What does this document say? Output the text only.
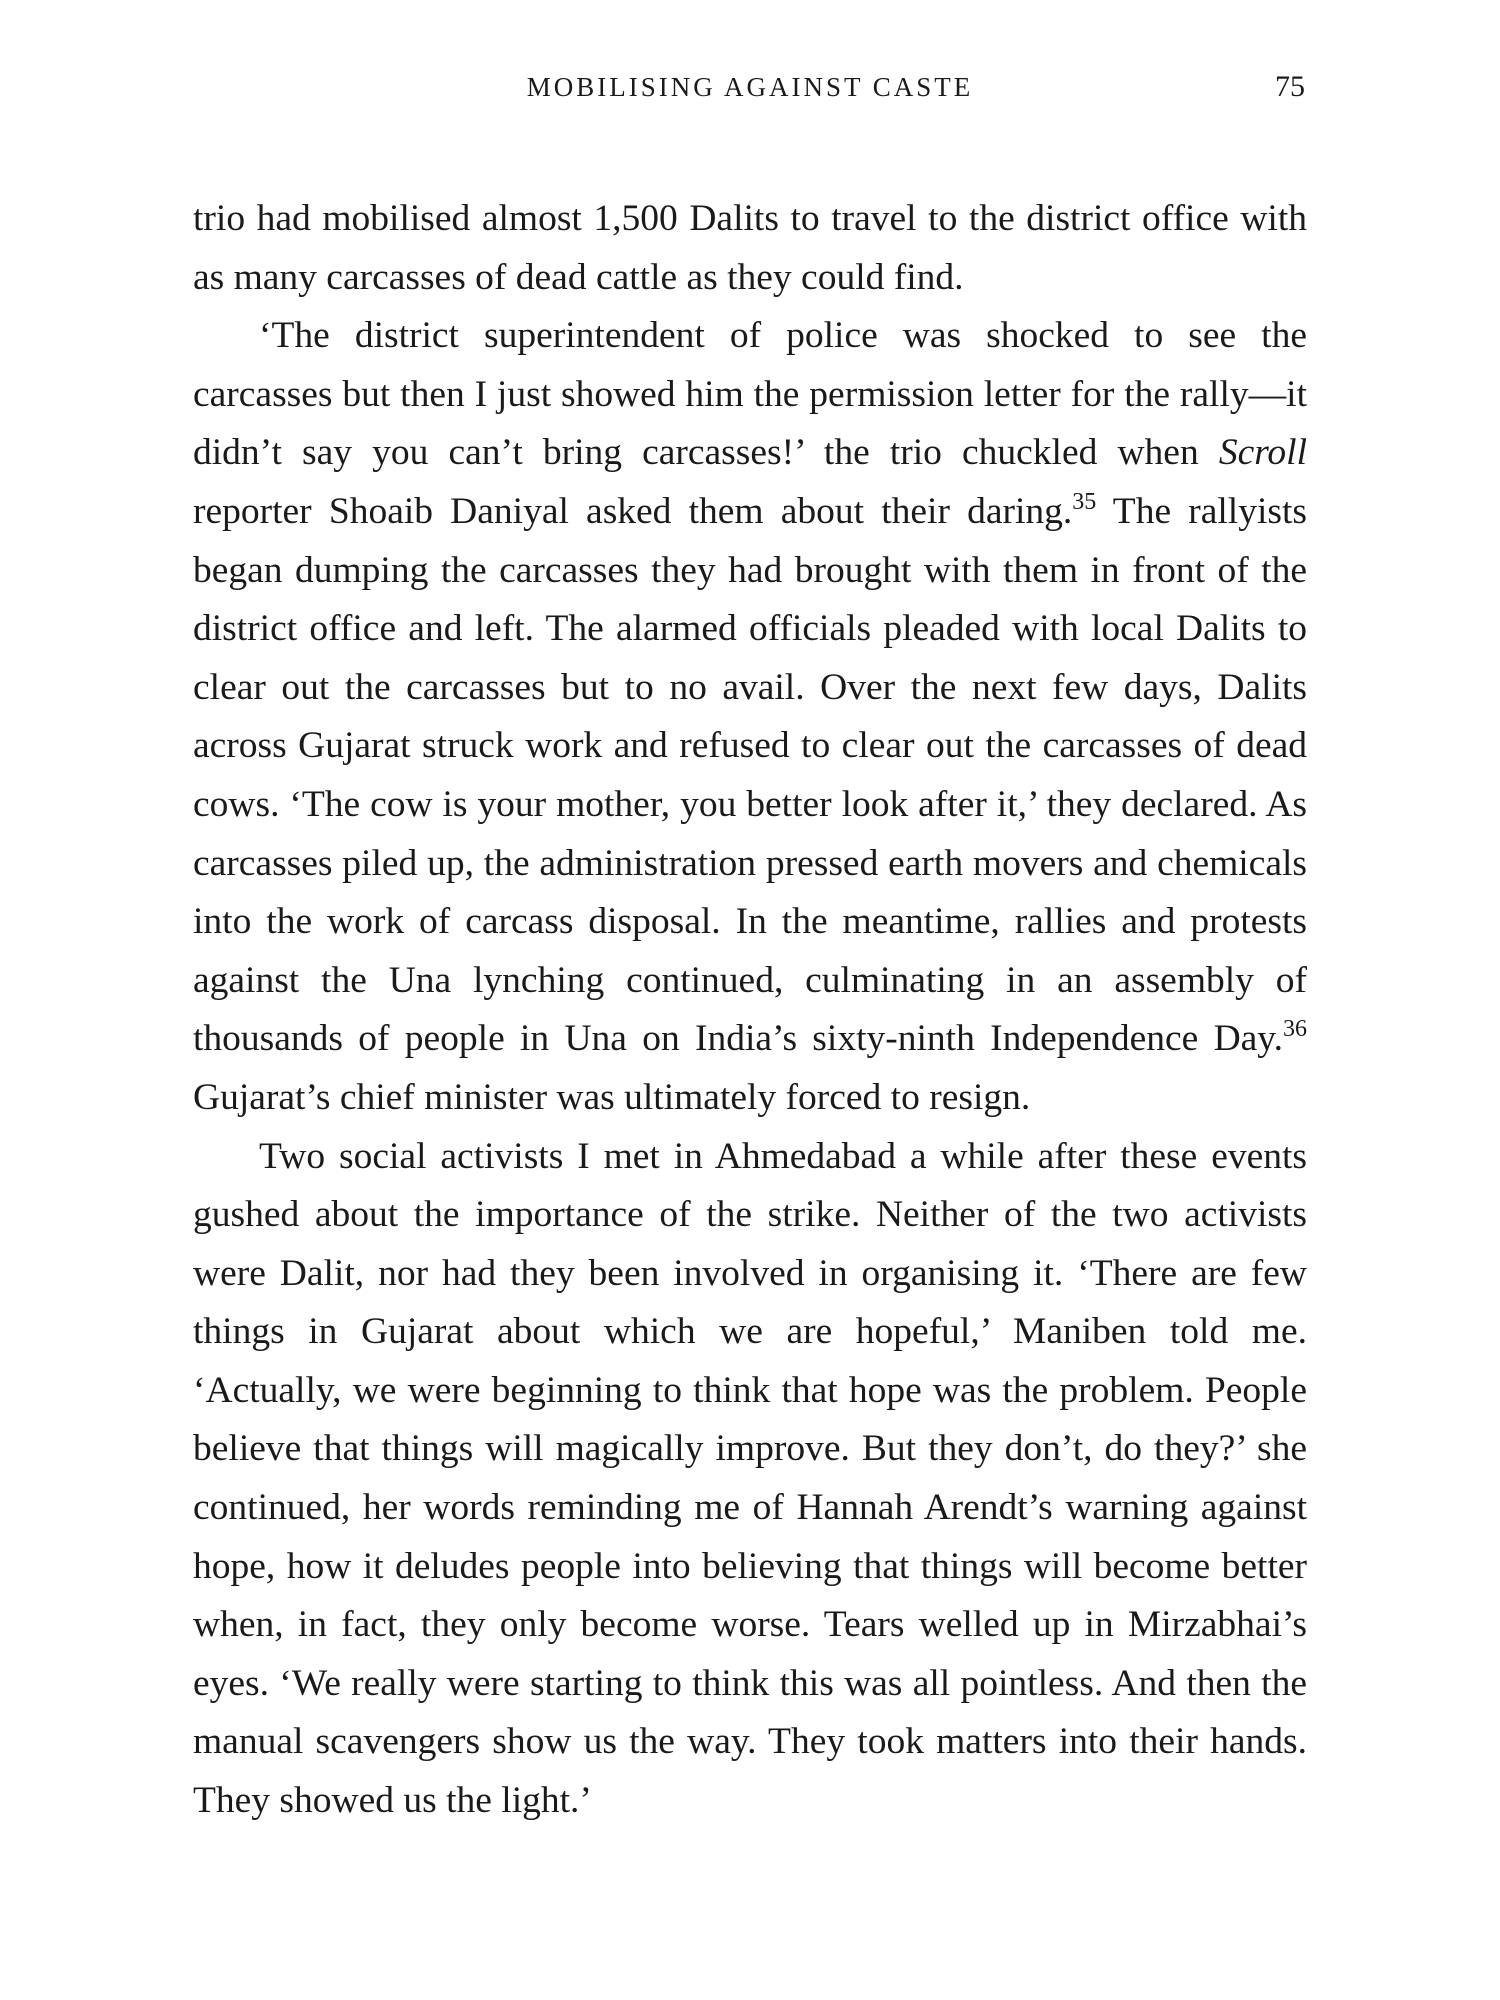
MOBILISING AGAINST CASTE	75

trio had mobilised almost 1,500 Dalits to travel to the district office with as many carcasses of dead cattle as they could find.

‘The district superintendent of police was shocked to see the carcasses but then I just showed him the permission letter for the rally—it didn’t say you can’t bring carcasses!’ the trio chuckled when Scroll reporter Shoaib Daniyal asked them about their daring.$^{35}$ The rallyists began dumping the carcasses they had brought with them in front of the district office and left. The alarmed officials pleaded with local Dalits to clear out the carcasses but to no avail. Over the next few days, Dalits across Gujarat struck work and refused to clear out the carcasses of dead cows. ‘The cow is your mother, you better look after it,’ they declared. As carcasses piled up, the administration pressed earth movers and chemicals into the work of carcass disposal. In the meantime, rallies and protests against the Una lynching continued, culminating in an assembly of thousands of people in Una on India’s sixty-ninth Independence Day.$^{36}$ Gujarat’s chief minister was ultimately forced to resign.

Two social activists I met in Ahmedabad a while after these events gushed about the importance of the strike. Neither of the two activists were Dalit, nor had they been involved in organising it. ‘There are few things in Gujarat about which we are hopeful,’ Maniben told me. ‘Actually, we were beginning to think that hope was the problem. People believe that things will magically improve. But they don’t, do they?’ she continued, her words reminding me of Hannah Arendt’s warning against hope, how it deludes people into believing that things will become better when, in fact, they only become worse. Tears welled up in Mirzabhai’s eyes. ‘We really were starting to think this was all pointless. And then the manual scavengers show us the way. They took matters into their hands. They showed us the light.’
